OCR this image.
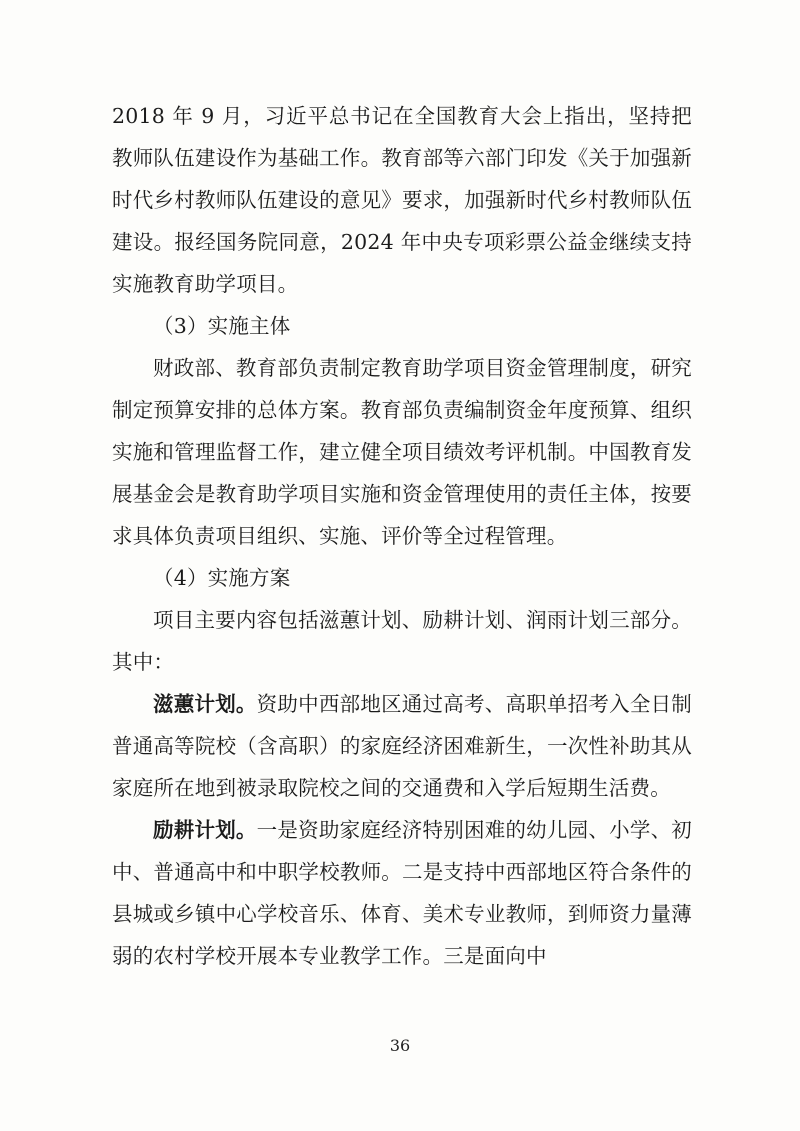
2018 年 9 月，习近平总书记在全国教育大会上指出，坚持把教师队伍建设作为基础工作。教育部等六部门印发《关于加强新时代乡村教师队伍建设的意见》要求，加强新时代乡村教师队伍建设。报经国务院同意，2024 年中央专项彩票公益金继续支持实施教育助学项目。

（3）实施主体

财政部、教育部负责制定教育助学项目资金管理制度，研究制定预算安排的总体方案。教育部负责编制资金年度预算、组织实施和管理监督工作，建立健全项目绩效考评机制。中国教育发展基金会是教育助学项目实施和资金管理使用的责任主体，按要求具体负责项目组织、实施、评价等全过程管理。

（4）实施方案

项目主要内容包括滋蕙计划、励耕计划、润雨计划三部分。其中：

滋蕙计划。资助中西部地区通过高考、高职单招考入全日制普通高等院校（含高职）的家庭经济困难新生，一次性补助其从家庭所在地到被录取院校之间的交通费和入学后短期生活费。

励耕计划。一是资助家庭经济特别困难的幼儿园、小学、初中、普通高中和中职学校教师。二是支持中西部地区符合条件的县城或乡镇中心学校音乐、体育、美术专业教师，到师资力量薄弱的农村学校开展本专业教学工作。三是面向中

36
